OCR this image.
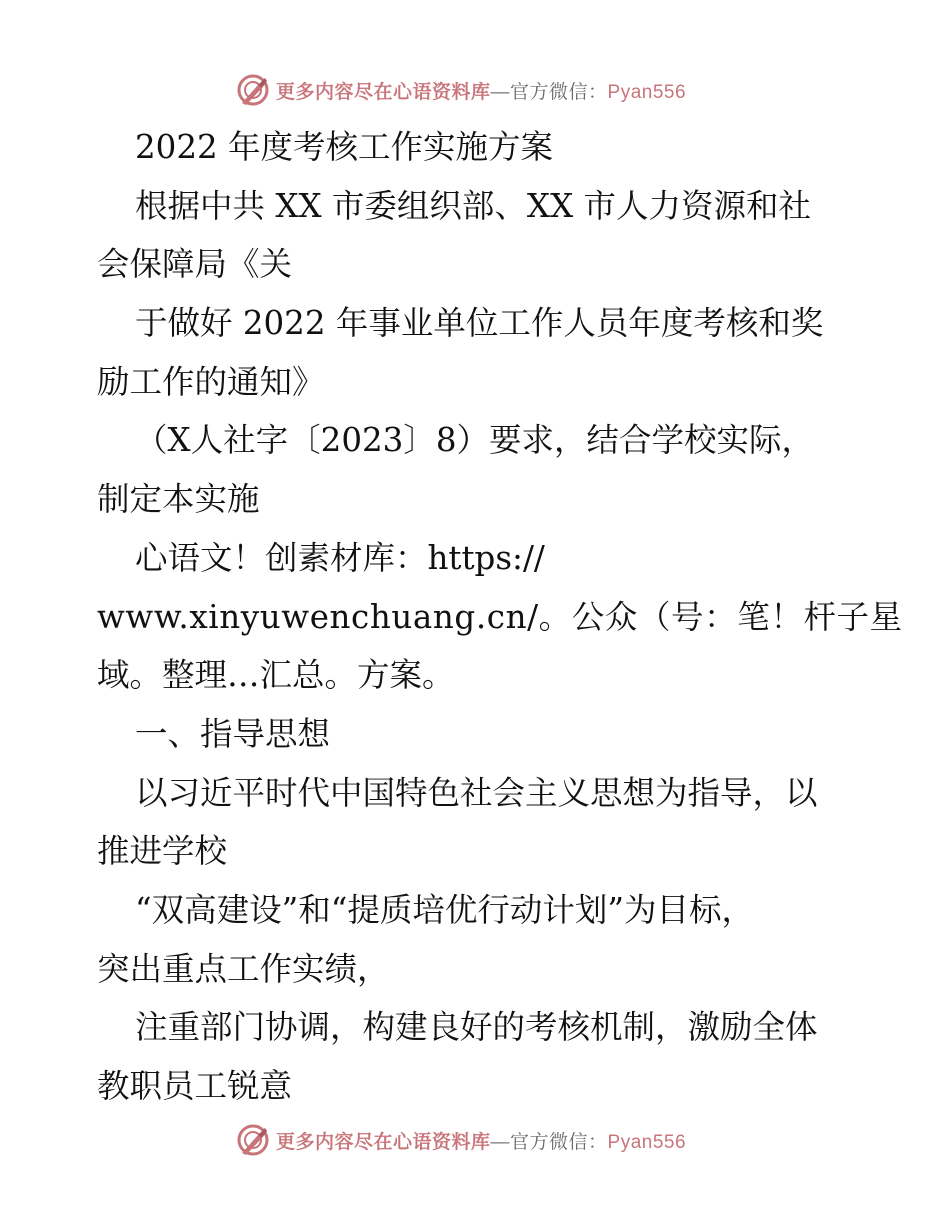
更多内容尽在心语资料库—官方微信：Pyan556
2022 年度考核工作实施方案
根据中共 XX 市委组织部、XX 市人力资源和社
会保障局《关
于做好 2022 年事业单位工作人员年度考核和奖
励工作的通知》
（X人社字〔2023〕8）要求，结合学校实际，
制定本实施
心语文！创素材库：https://
www.xinyuwenchuang.cn/。公众（号：笔！杆子星
域。整理…汇总。方案。
一、指导思想
以习近平时代中国特色社会主义思想为指导，以
推进学校
“双高建设”和“提质培优行动计划”为目标，
突出重点工作实绩，
注重部门协调，构建良好的考核机制，激励全体
教职员工锐意
更多内容尽在心语资料库—官方微信：Pyan556
